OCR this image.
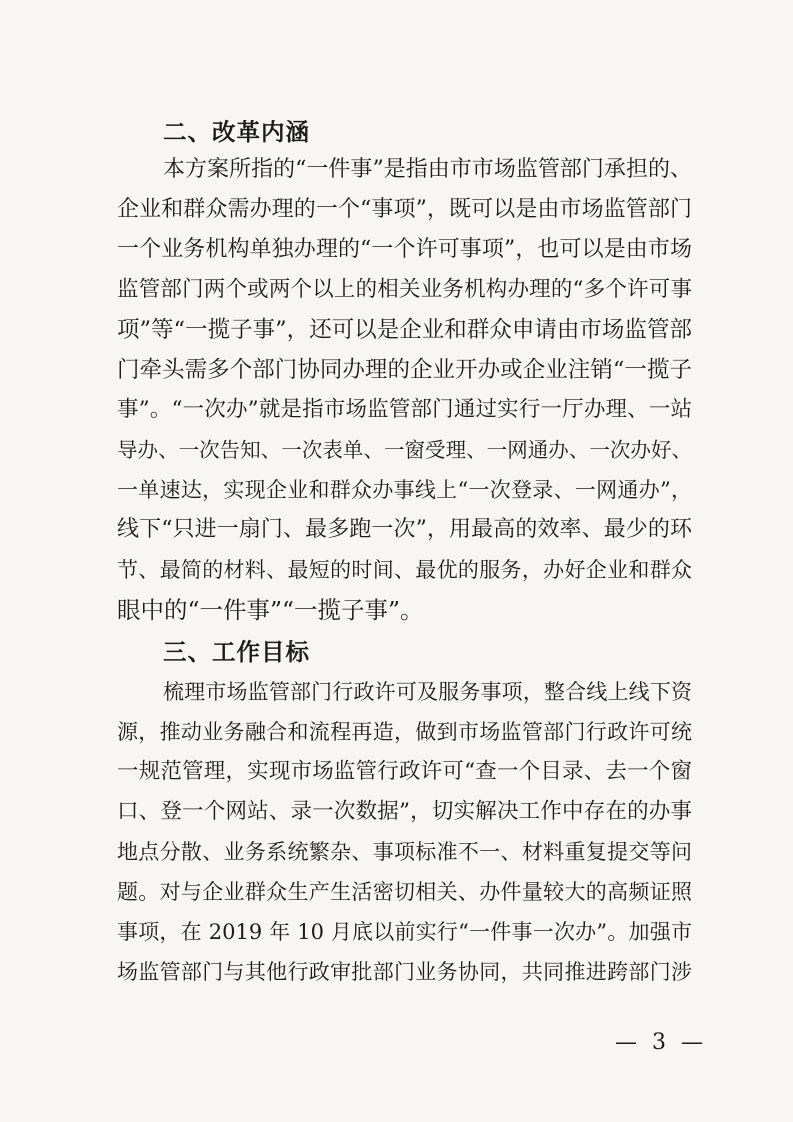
二、改革内涵
本方案所指的“一件事”是指由市市场监管部门承担的、
企业和群众需办理的一个“事项”，既可以是由市场监管部门
一个业务机构单独办理的“一个许可事项”，也可以是由市场
监管部门两个或两个以上的相关业务机构办理的“多个许可事
项”等“一揽子事”，还可以是企业和群众申请由市场监管部
门牵头需多个部门协同办理的企业开办或企业注销“一揽子
事”。“一次办”就是指市场监管部门通过实行一厅办理、一站
导办、一次告知、一次表单、一窗受理、一网通办、一次办好、
一单速达，实现企业和群众办事线上“一次登录、一网通办”，
线下“只进一扇门、最多跑一次”，用最高的效率、最少的环
节、最简的材料、最短的时间、最优的服务，办好企业和群众
眼中的“一件事”“一揽子事”。
三、工作目标
梳理市场监管部门行政许可及服务事项，整合线上线下资
源，推动业务融合和流程再造，做到市场监管部门行政许可统
一规范管理，实现市场监管行政许可“查一个目录、去一个窗
口、登一个网站、录一次数据”，切实解决工作中存在的办事
地点分散、业务系统繁杂、事项标准不一、材料重复提交等问
题。对与企业群众生产生活密切相关、办件量较大的高频证照
事项，在 2019 年 10 月底以前实行“一件事一次办”。加强市
场监管部门与其他行政审批部门业务协同，共同推进跨部门涉
— 3 —
